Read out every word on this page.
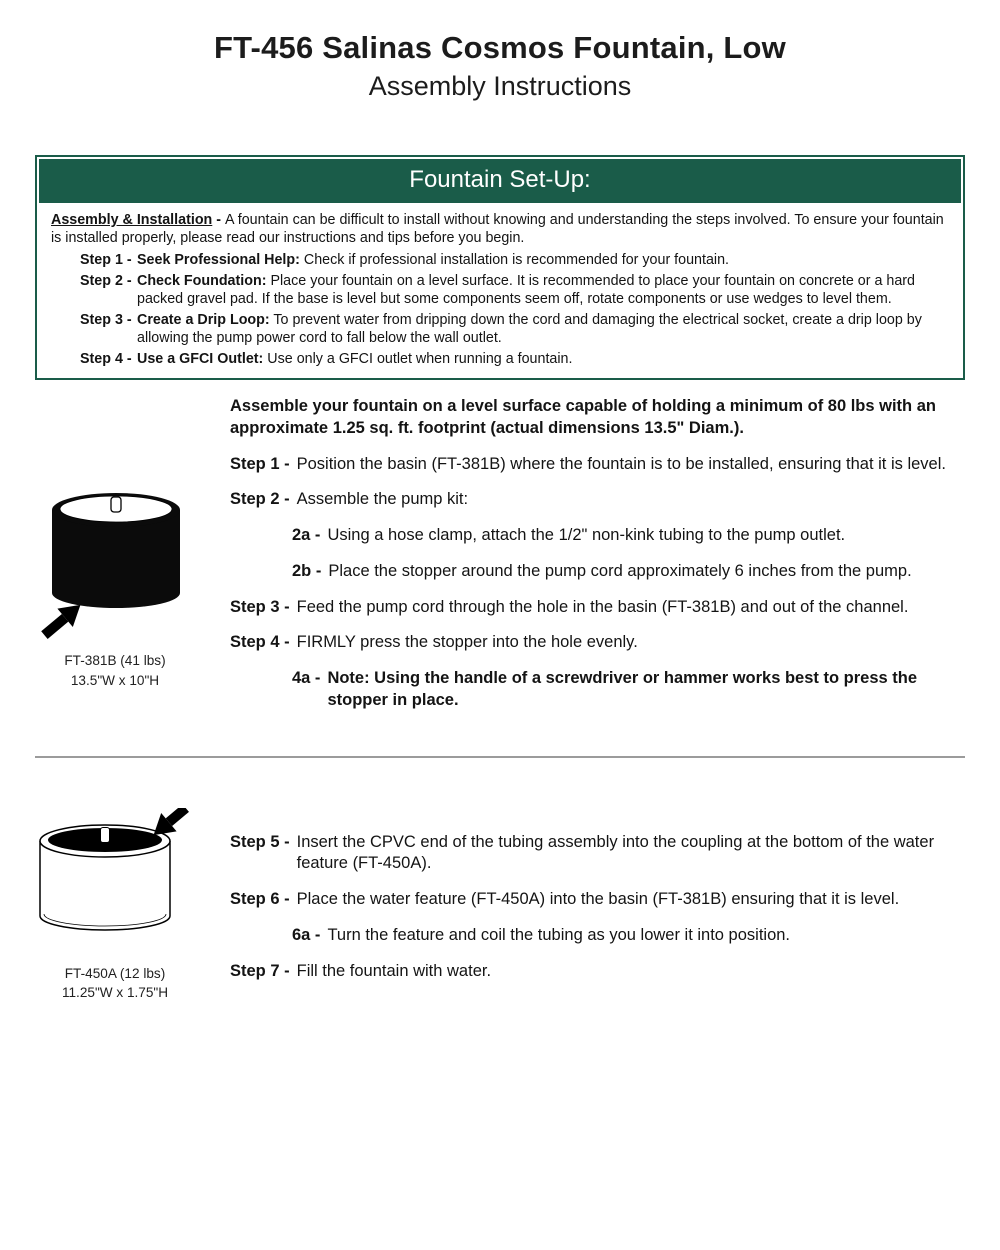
FT-456 Salinas Cosmos Fountain, Low
Assembly Instructions
Fountain Set-Up:

Assembly & Installation - A fountain can be difficult to install without knowing and understanding the steps involved. To ensure your fountain is installed properly, please read our instructions and tips before you begin.

Step 1 - Seek Professional Help: Check if professional installation is recommended for your fountain.
Step 2 - Check Foundation: Place your fountain on a level surface. It is recommended to place your fountain on concrete or a hard packed gravel pad. If the base is level but some components seem off, rotate components or use wedges to level them.
Step 3 - Create a Drip Loop: To prevent water from dripping down the cord and damaging the electrical socket, create a drip loop by allowing the pump power cord to fall below the wall outlet.
Step 4 - Use a GFCI Outlet: Use only a GFCI outlet when running a fountain.
FT-381B (41 lbs)
13.5"W x 10"H

Assemble your fountain on a level surface capable of holding a minimum of 80 lbs with an approximate 1.25 sq. ft. footprint (actual dimensions 13.5" Diam.).

Step 1 - Position the basin (FT-381B) where the fountain is to be installed, ensuring that it is level.
Step 2 - Assemble the pump kit:
2a - Using a hose clamp, attach the 1/2" non-kink tubing to the pump outlet.
2b - Place the stopper around the pump cord approximately 6 inches from the pump.
Step 3 - Feed the pump cord through the hole in the basin (FT-381B) and out of the channel.
Step 4 - FIRMLY press the stopper into the hole evenly.
4a - Note: Using the handle of a screwdriver or hammer works best to press the stopper in place.
FT-450A (12 lbs)
11.25"W x 1.75"H
Step 5 - Insert the CPVC end of the tubing assembly into the coupling at the bottom of the water feature (FT-450A).
Step 6 - Place the water feature (FT-450A) into the basin (FT-381B) ensuring that it is level.
6a - Turn the feature and coil the tubing as you lower it into position.
Step 7 - Fill the fountain with water.
